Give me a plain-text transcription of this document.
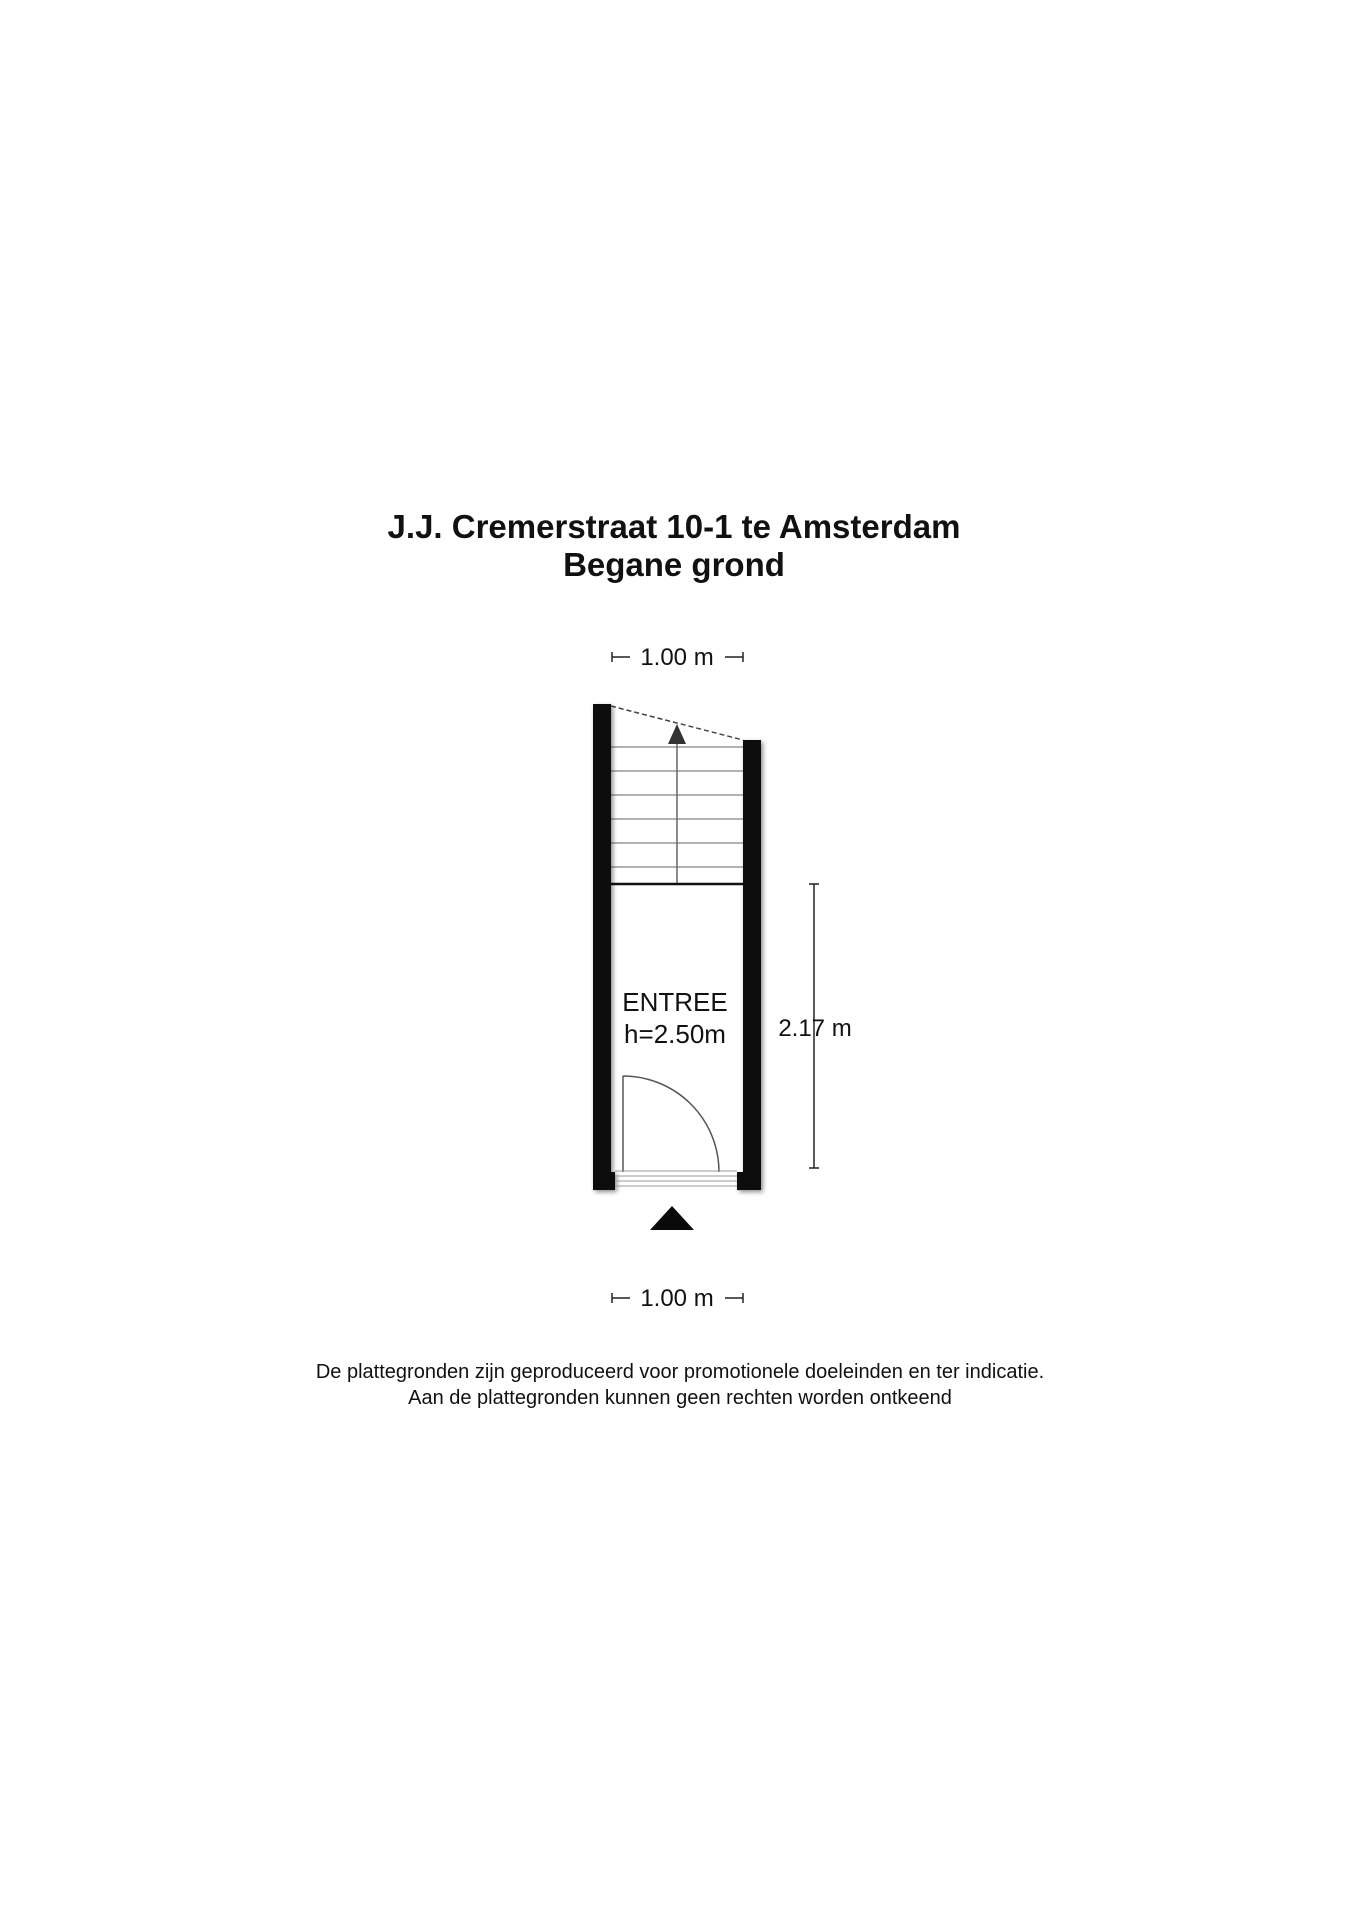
J.J. Cremerstraat 10-1 te Amsterdam
Begane grond
1.00 m
ENTREE
h=2.50m 2.17 m
1.00 m
De plattegronden zijn geproduceerd voor promotionele doeleinden en ter indicatie.
Aan de plattegronden kunnen geen rechten worden ontkeend
